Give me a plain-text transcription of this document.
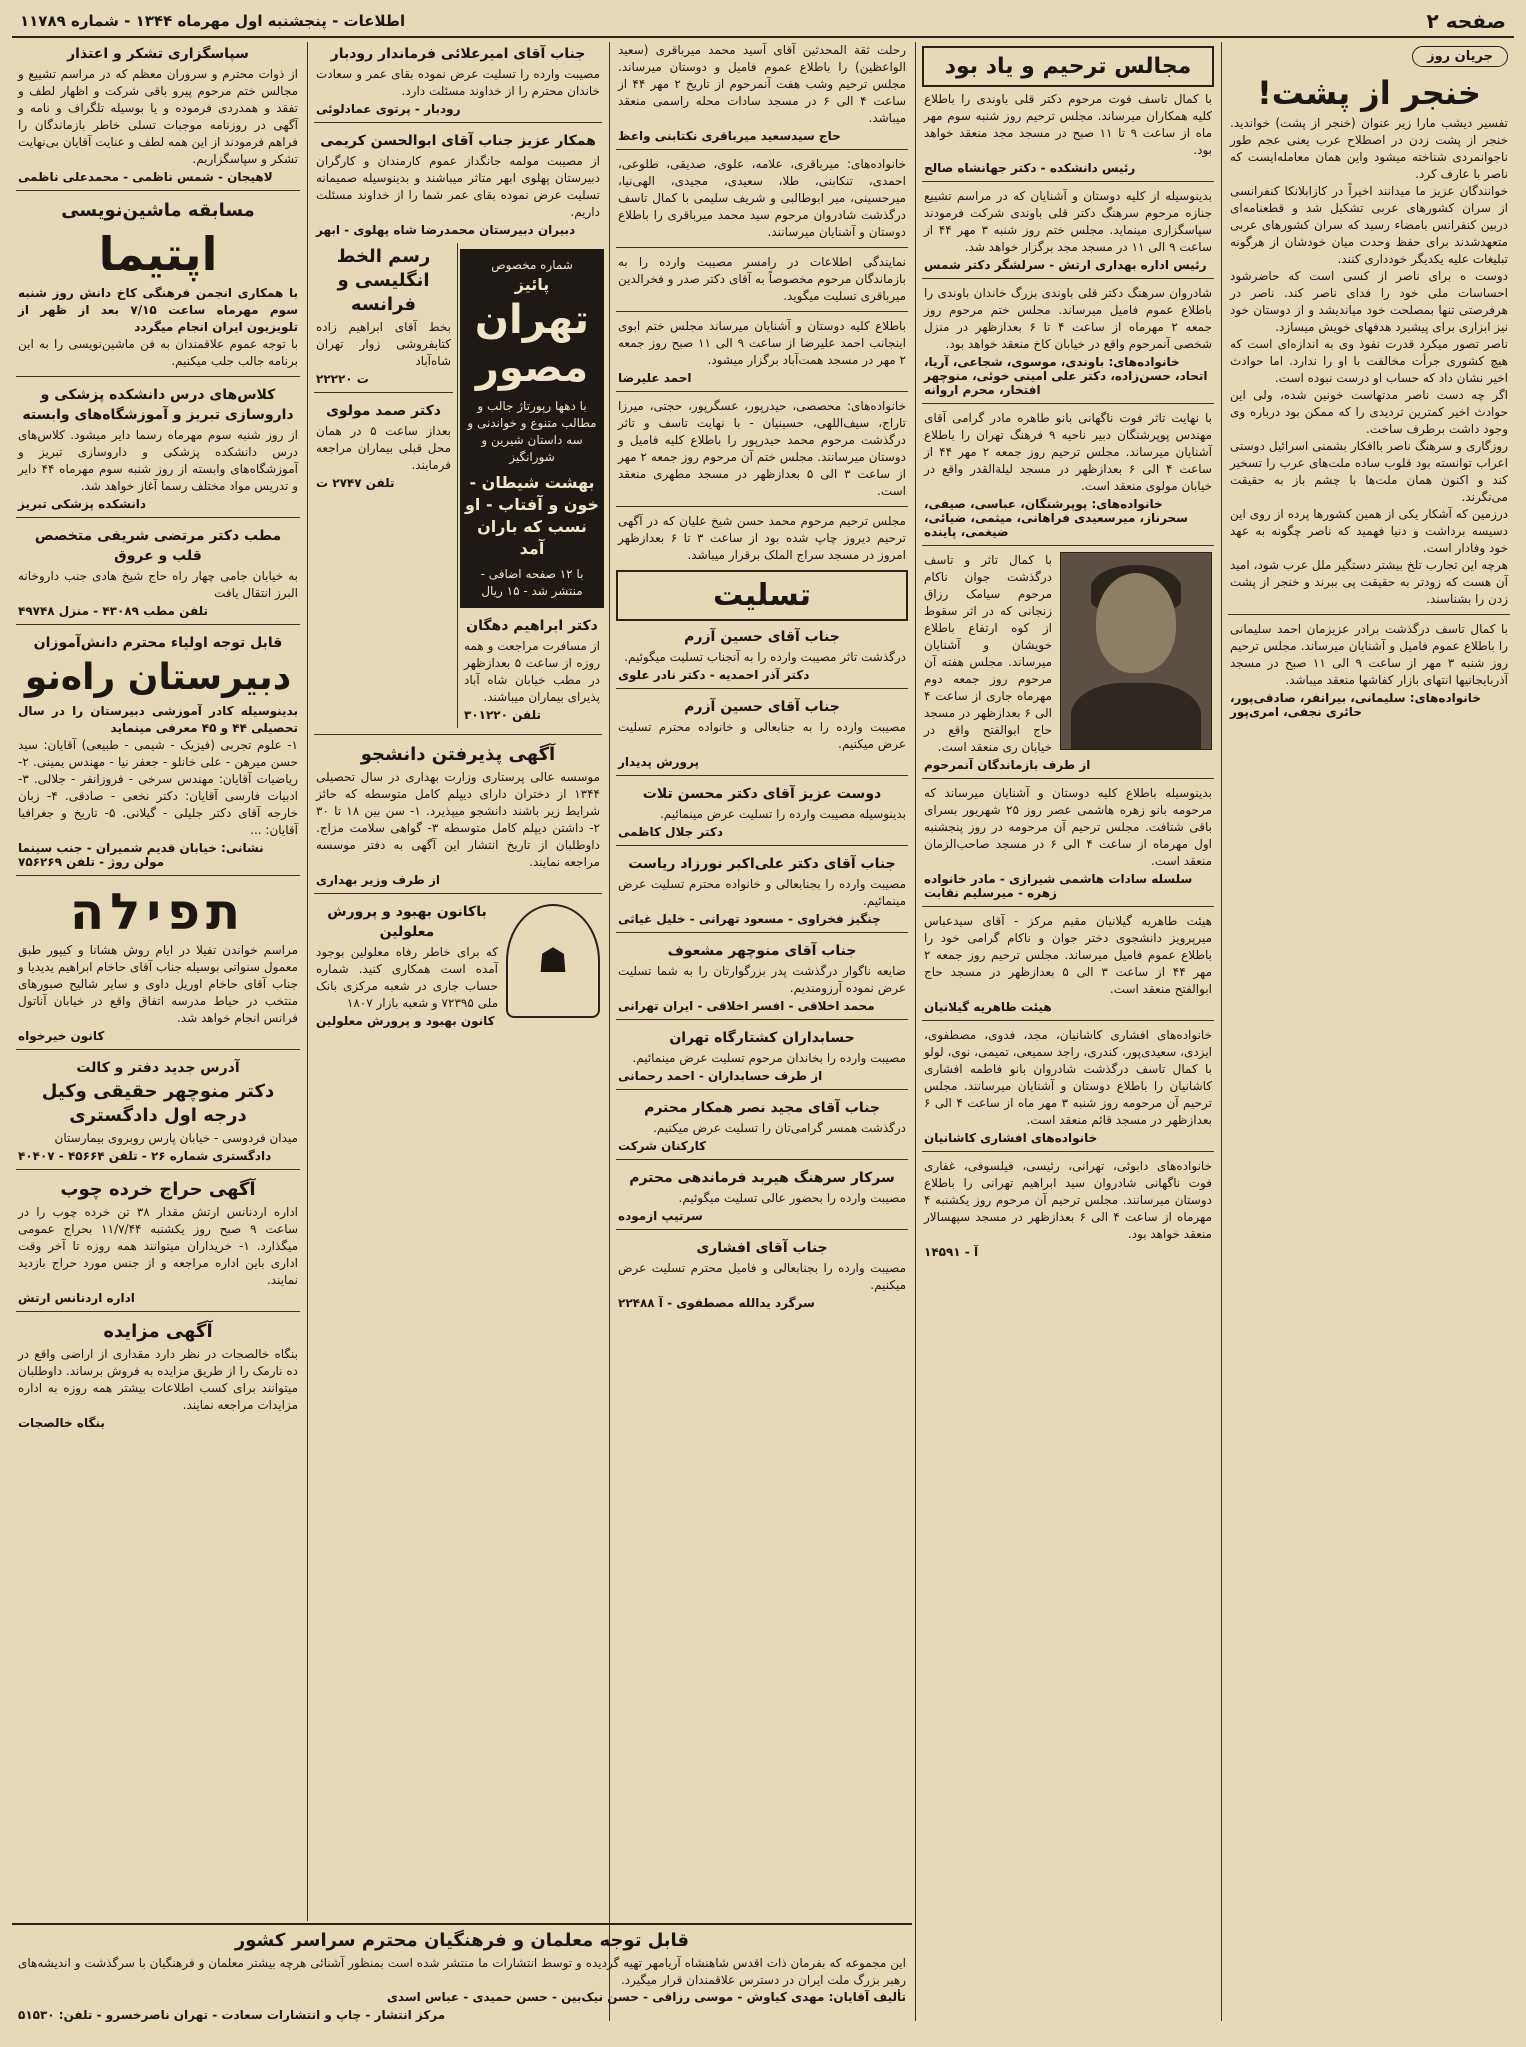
صفحه ۲
اطلاعات - پنجشنبه اول مهرماه ۱۳۴۴ - شماره ۱۱۷۸۹
جریان روز
خنجر از پشت!

تفسیر دیشب مارا زیر عنوان (خنجر از پشت) خواندید. خنجر از پشت زدن در اصطلاح عرب یعنی عجم طور ناجوانمردی شناخته میشود واین همان معامله‌ایست که ناصر با عارف کرد.

خوانندگان عزیز ما میدانند اخیراً در کازابلانکا کنفرانسی از سران کشورهای عربی تشکیل شد و قطعنامه‌ای دربین کنفرانس بامضاء رسید که سران کشورهای عربی متعهدشدند برای حفظ وحدت میان خودشان از هرگونه تبلیغات علیه یکدیگر خودداری کنند.

دوست ه برای ناصر از کسی است که حاضرشود احساسات ملی خود را فدای ناصر کند. ناصر در هرفرصتی تنها بمصلحت خود میاندیشد و از دوستان خود نیز ابزاری برای پیشبرد هدفهای خویش میسازد.

ناصر تصور میکرد قدرت نفوذ وی به اندازه‌ای است که هیچ کشوری جرأت مخالفت با او را ندارد. اما حوادث اخیر نشان داد که حساب او درست نبوده است.

اگر چه دست ناصر مدتهاست خونین شده، ولی این حوادث اخیر کمترین تردیدی را که ممکن بود درباره وی وجود داشت برطرف ساخت.

روزگاری و سرهنگ ناصر باافکار بشمنی اسرائیل دوستی اعراب توانسته بود قلوب ساده ملت‌های عرب را تسخیر کند و اکنون همان ملت‌ها با چشم باز به حقیقت می‌نگرند.

درزمین که آشکار یکی از همین کشورها پرده از روی این دسیسه برداشت و دنیا فهمید که ناصر چگونه به عهد خود وفادار است.

هرچه این تجارب تلخ بیشتر دستگیر ملل عرب شود، امید آن هست که زودتر به حقیقت پی ببرند و خنجر از پشت زدن را بشناسند.

با کمال تاسف درگذشت برادر عزیزمان احمد سلیمانی را باطلاع عموم فامیل و آشنایان میرساند. مجلس ترحیم روز شنبه ۳ مهر از ساعت ۹ الی ۱۱ صبح در مسجد آذربایجانیها انتهای بازار کفاشها منعقد میباشد.

خانواده‌های: سلیمانی، بیرانفر، صادقی‌پور، حائری نجفی، امری‌پور
مجالس ترحیم و یاد بود

با کمال تاسف فوت مرحوم دکتر قلی باوندی را باطلاع کلیه همکاران میرساند. مجلس ترحیم روز شنبه سوم مهر ماه از ساعت ۹ تا ۱۱ صبح در مسجد مجد منعقد خواهد بود.

رئیس دانشکده - دکتر جهانشاه صالح

بدینوسیله از کلیه دوستان و آشنایان که در مراسم تشییع جنازه مرحوم سرهنگ دکتر قلی باوندی شرکت فرمودند سپاسگزاری مینماید. مجلس ختم روز شنبه ۳ مهر ۴۴ از ساعت ۹ الی ۱۱ در مسجد مجد برگزار خواهد شد.

رئیس اداره بهداری ارتش - سرلشگر دکتر شمس

شادروان سرهنگ دکتر قلی باوندی بزرگ خاندان باوندی را باطلاع عموم فامیل میرساند. مجلس ختم مرحوم روز جمعه ۲ مهرماه از ساعت ۴ تا ۶ بعدازظهر در منزل شخصی آنمرحوم واقع در خیابان کاخ منعقد خواهد بود.

خانواده‌های: باوندی، موسوی، شجاعی، آریا، اتحاد، حسن‌زاده، دکتر علی امینی خوئی، منوچهر افتخار، محرم اروانه

با نهایت تاثر فوت ناگهانی بانو طاهره مادر گرامی آقای مهندس پوپرشنگان دبیر ناحیه ۹ فرهنگ تهران را باطلاع آشنایان میرساند. مجلس ترحیم روز جمعه ۲ مهر ۴۴ از ساعت ۴ الی ۶ بعدازظهر در مسجد لیلةالقدر واقع در خیابان مولوی منعقد است.

خانواده‌های: پوپرشنگان، عباسی، صیفی، سحرناز، میرسعیدی فراهانی، میثمی، ضیائی، ضیغمی، پاینده

با کمال تاثر و تاسف درگذشت جوان ناکام مرحوم سیامک رزاق زنجانی که در اثر سقوط از کوه ارتفاع باطلاع خویشان و آشنایان میرساند. مجلس هفته آن مرحوم روز جمعه دوم مهرماه جاری از ساعت ۴ الی ۶ بعدازظهر در مسجد حاج ابوالفتح واقع در خیابان ری منعقد است.

از طرف بازماندگان آنمرحوم

بدینوسیله باطلاع کلیه دوستان و آشنایان میرساند که مرحومه بانو زهره هاشمی عصر روز ۲۵ شهریور بسرای باقی شتافت. مجلس ترحیم آن مرحومه در روز پنجشنبه اول مهرماه از ساعت ۴ الی ۶ در مسجد صاحب‌الزمان منعقد است.

سلسله سادات هاشمی شیرازی - مادر خانواده زهره - میرسلیم نقابت

هیئت طاهریه گیلانیان مقیم مرکز - آقای سیدعباس میرپرویز دانشجوی دختر جوان و ناکام گرامی خود را باطلاع عموم فامیل میرساند. مجلس ترحیم روز جمعه ۲ مهر ۴۴ از ساعت ۳ الی ۵ بعدازظهر در مسجد حاج ابوالفتح منعقد است.

هیئت طاهریه گیلانیان

خانواده‌های افشاری کاشانیان، مجد، فدوی، مصطفوی، ایزدی، سعیدی‌پور، کندری، راجد سمیعی، تمیمی، نوی، لولو با کمال تاسف درگذشت شادروان بانو فاطمه افشاری کاشانیان را باطلاع دوستان و آشنایان میرسانند. مجلس ترحیم آن مرحومه روز شنبه ۳ مهر ماه از ساعت ۴ الی ۶ بعدازظهر در مسجد قائم منعقد است.

خانواده‌های افشاری کاشانیان

خانواده‌های دابوئی، تهرانی، رئیسی، فیلسوفی، غفاری فوت ناگهانی شادروان سید ابراهیم تهرانی را باطلاع دوستان میرسانند. مجلس ترحیم آن مرحوم روز یکشنبه ۴ مهرماه از ساعت ۴ الی ۶ بعدازظهر در مسجد سپهسالار منعقد خواهد بود.

آ - ۱۴۵۹۱

رحلت ثقة المحدثین آقای آسید محمد میرباقری (سعید الواعظین) را باطلاع عموم فامیل و دوستان میرساند. مجلس ترحیم وشب هفت آنمرحوم از تاریخ ۲ مهر ۴۴ از ساعت ۴ الی ۶ در مسجد سادات محله راسمی منعقد میباشد.

حاج سیدسعید میرباقری نکتابنی واعظ

خانواده‌های: میرباقری، علامه، علوی، صدیقی، طلوعی، احمدی، تنکابنی، طلا، سعیدی، مجیدی، الهی‌نیا، میرحسینی، میر ابوطالبی و شریف سلیمی با کمال تاسف درگذشت شادروان مرحوم سید محمد میرباقری را باطلاع دوستان و آشنایان میرسانند.

نمایندگی اطلاعات در رامسر مصیبت وارده را به بازماندگان مرحوم مخصوصاً به آقای دکتر صدر و فخرالدین میرباقری تسلیت میگوید.

باطلاع کلیه دوستان و آشنایان میرساند مجلس ختم ابوی اینجانب احمد علیرضا از ساعت ۹ الی ۱۱ صبح روز جمعه ۲ مهر در مسجد همت‌آباد برگزار میشود.

احمد علیرضا

خانواده‌های: محصصی، حیدرپور، عسگرپور، حجتی، میرزا تاراج، سیف‌اللهی، حسینیان - با نهایت تاسف و تاثر درگذشت مرحوم محمد حیدرپور را باطلاع کلیه فامیل و دوستان میرسانند. مجلس ختم آن مرحوم روز جمعه ۲ مهر از ساعت ۳ الی ۵ بعدازظهر در مسجد مطهری منعقد است.

مجلس ترحیم مرحوم محمد حسن شیخ علیان که در آگهی ترحیم دیروز چاپ شده بود از ساعت ۳ تا ۶ بعدازظهر امروز در مسجد سراج الملک برقرار میباشد.

تسلیت
جناب آقای حسین آزرم

درگذشت تاثر مصیبت وارده را به آنجناب تسلیت میگوئیم.

دکتر آذر احمدیه - دکتر نادر علوی
جناب آقای حسین آزرم

مصیبت وارده را به جنابعالی و خانواده محترم تسلیت عرض میکنیم.

پرورش پدیدار
دوست عزیز آقای دکتر محسن تلات

بدینوسیله مصیبت وارده را تسلیت عرض مینمائیم.

دکتر جلال کاظمی
جناب آقای دکتر علی‌اکبر نورزاد ریاست

مصیبت وارده را بجنابعالی و خانواده محترم تسلیت عرض مینمائیم.

چنگیز فخراوی - مسعود تهرانی - خلیل غیاثی
جناب آقای منوچهر مشعوف

ضایعه ناگوار درگذشت پدر بزرگوارتان را به شما تسلیت عرض نموده آرزومندیم.

محمد اخلاقی - افسر اخلاقی - ایران تهرانی
حسابداران کشتارگاه تهران

مصیبت وارده را بخاندان مرحوم تسلیت عرض مینمائیم.

از طرف حسابداران - احمد رحمانی
جناب آقای مجید نصر همکار محترم

درگذشت همسر گرامی‌تان را تسلیت عرض میکنیم.

کارکنان شرکت
سرکار سرهنگ هیربد فرماندهی محترم

مصیبت وارده را بحضور عالی تسلیت میگوئیم.

سرتیپ ازموده
جناب آقای افشاری

مصیبت وارده را بجنابعالی و فامیل محترم تسلیت عرض میکنیم.

سرگرد یدالله مصطفوی - آ ۲۲۴۸۸
جناب آقای امیرعلائی فرماندار رودبار

مصیبت وارده را تسلیت عرض نموده بقای عمر و سعادت خاندان محترم را از خداوند مسئلت دارد.

رودبار - پرتوی عمادلوئی
همکار عزیز جناب آقای ابوالحسن کریمی

از مصیبت مولمه جانگداز عموم کارمندان و کارگران دبیرستان پهلوی ابهر متاثر میباشند و بدینوسیله صمیمانه تسلیت عرض نموده بقای عمر شما را از خداوند مسئلت داریم.

دبیران دبیرستان محمدرضا شاه پهلوی - ابهر
شماره مخصوص
پائیز
تهران
مصور
با دهها رپورتاژ جالب و مطالب متنوع و خواندنی و سه داستان شیرین و شورانگیز
بهشت شیطان - خون و آفتاب - او نسب که باران آمد
با ۱۲ صفحه اضافی - منتشر شد - ۱۵ ریال
دکتر ابراهیم دهگان

از مسافرت مراجعت و همه روزه از ساعت ۵ بعدازظهر در مطب خیابان شاه آباد پذیرای بیماران میباشند.

تلفن ۳۰۱۲۲۰
رسم الخط انگلیسی و فرانسه

بخط آقای ابراهیم زاده کتابفروشی زوار تهران شاه‌آباد

ت ۲۲۲۲۰
دکتر صمد مولوی

بعداز ساعت ۵ در همان محل قبلی بیماران مراجعه فرمایند.

تلفن ۲۷۴۷ ت
آگهی پذیرفتن دانشجو

موسسه عالی پرستاری وزارت بهداری در سال تحصیلی ۱۳۴۴ از دختران دارای دیپلم کامل متوسطه که حائز شرایط زیر باشند دانشجو میپذیرد. ۱- سن بین ۱۸ تا ۳۰ ۲- داشتن دیپلم کامل متوسطه ۳- گواهی سلامت مزاج. داوطلبان از تاریخ انتشار این آگهی به دفتر موسسه مراجعه نمایند.

از طرف وزیر بهداری
☗
باکانون بهبود و پرورش معلولین

که برای خاطر رفاه معلولین بوجود آمده است همکاری کنید. شماره حساب جاری در شعبه مرکزی بانک ملی ۷۲۳۹۵ و شعبه بازار ۱۸۰۷

کانون بهبود و پرورش معلولین
سپاسگزاری تشکر و اعتذار

از ذوات محترم و سروران معظم که در مراسم تشییع و مجالس ختم مرحوم پیرو باقی شرکت و اظهار لطف و تفقد و همدردی فرموده و یا بوسیله تلگراف و نامه و آگهی در روزنامه موجبات تسلی خاطر بازماندگان را فراهم فرمودند از این همه لطف و عنایت آقایان بی‌نهایت تشکر و سپاسگزاریم.

لاهیجان - شمس ناظمی - محمدعلی ناظمی
مسابقه ماشین‌نویسی
اپتیما

با همکاری انجمن فرهنگی کاخ دانش روز شنبه سوم مهرماه ساعت ۷/۱۵ بعد از ظهر از تلویزیون ایران انجام میگردد

با توجه عموم علاقمندان به فن ماشین‌نویسی را به این برنامه جالب جلب میکنیم.

کلاس‌های درس دانشکده پزشکی و داروسازی تبریز و آموزشگاه‌های وابسته

از روز شنبه سوم مهرماه رسما دایر میشود. کلاس‌های درس دانشکده پزشکی و داروسازی تبریز و آموزشگاه‌های وابسته از روز شنبه سوم مهرماه ۴۴ دایر و تدریس مواد مختلف رسما آغاز خواهد شد.

دانشکده پزشکی تبریز
مطب دکتر مرتضی شریفی متخصص قلب و عروق

به خیابان جامی چهار راه حاج شیخ هادی جنب داروخانه البرز انتقال یافت

تلفن مطب ۴۳۰۸۹ - منزل ۴۹۷۴۸
قابل توجه اولیاء محترم دانش‌آموزان
دبیرستان راه‌نو

بدینوسیله کادر آموزشی دبیرستان را در سال تحصیلی ۴۴ و ۴۵ معرفی مینماید

۱- علوم تجربی (فیزیک - شیمی - طبیعی) آقایان: سید حسن میرهن - علی خانلو - جعفر نیا - مهندس یمینی. ۲- ریاضیات آقایان: مهندس سرخی - فروزانفر - جلالی. ۳- ادبیات فارسی آقایان: دکتر نخعی - صادقی. ۴- زبان خارجه آقای دکتر جلیلی - گیلانی. ۵- تاریخ و جغرافیا آقایان: ...

نشانی: خیابان قدیم شمیران - جنب سینما مولن روژ - تلفن ۷۵۶۲۶۹
תפילה

مراسم خواندن تفیلا در ایام روش هشانا و کیپور طبق معمول سنواتی بوسیله جناب آقای حاخام ابراهیم یدیدیا و جناب آقای حاخام اوریل داوی و سایر شالیح صبورهای منتخب در حیاط مدرسه اتفاق واقع در خیابان آناتول فرانس انجام خواهد شد.

کانون خیرخواه
آدرس جدید دفتر و کالت
دکتر منوچهر حقیقی وکیل درجه اول دادگستری

میدان فردوسی - خیابان پارس روبروی بیمارستان

دادگستری شماره ۲۶ - تلفن ۴۵۶۶۴ - ۴۰۴۰۷
آگهی حراج خرده چوب

اداره اردنانس ارتش مقدار ۳۸ تن خرده چوب را در ساعت ۹ صبح روز یکشنبه ۱۱/۷/۴۴ بحراج عمومی میگذارد. ۱- خریداران میتوانند همه روزه تا آخر وقت اداری باین اداره مراجعه و از جنس مورد حراج بازدید نمایند.

اداره اردنانس ارتش
آگهی مزایده

بنگاه خالصجات در نظر دارد مقداری از اراضی واقع در ده نارمک را از طریق مزایده به فروش برساند. داوطلبان میتوانند برای کسب اطلاعات بیشتر همه روزه به اداره مزایدات مراجعه نمایند.

بنگاه خالصجات
قابل توجه معلمان و فرهنگیان محترم سراسر کشور

این مجموعه که بفرمان ذات اقدس شاهنشاه آریامهر تهیه گردیده و توسط انتشارات ما منتشر شده است بمنظور آشنائی هرچه بیشتر معلمان و فرهنگیان با سرگذشت و اندیشه‌های رهبر بزرگ ملت ایران در دسترس علاقمندان قرار میگیرد.

تألیف آقایان: مهدی کیاوش - موسی رزاقی - حسن نیک‌بین - حسن حمیدی - عباس اسدی

مرکز انتشار - چاپ و انتشارات سعادت - تهران ناصرخسرو - تلفن: ۵۱۵۳۰
